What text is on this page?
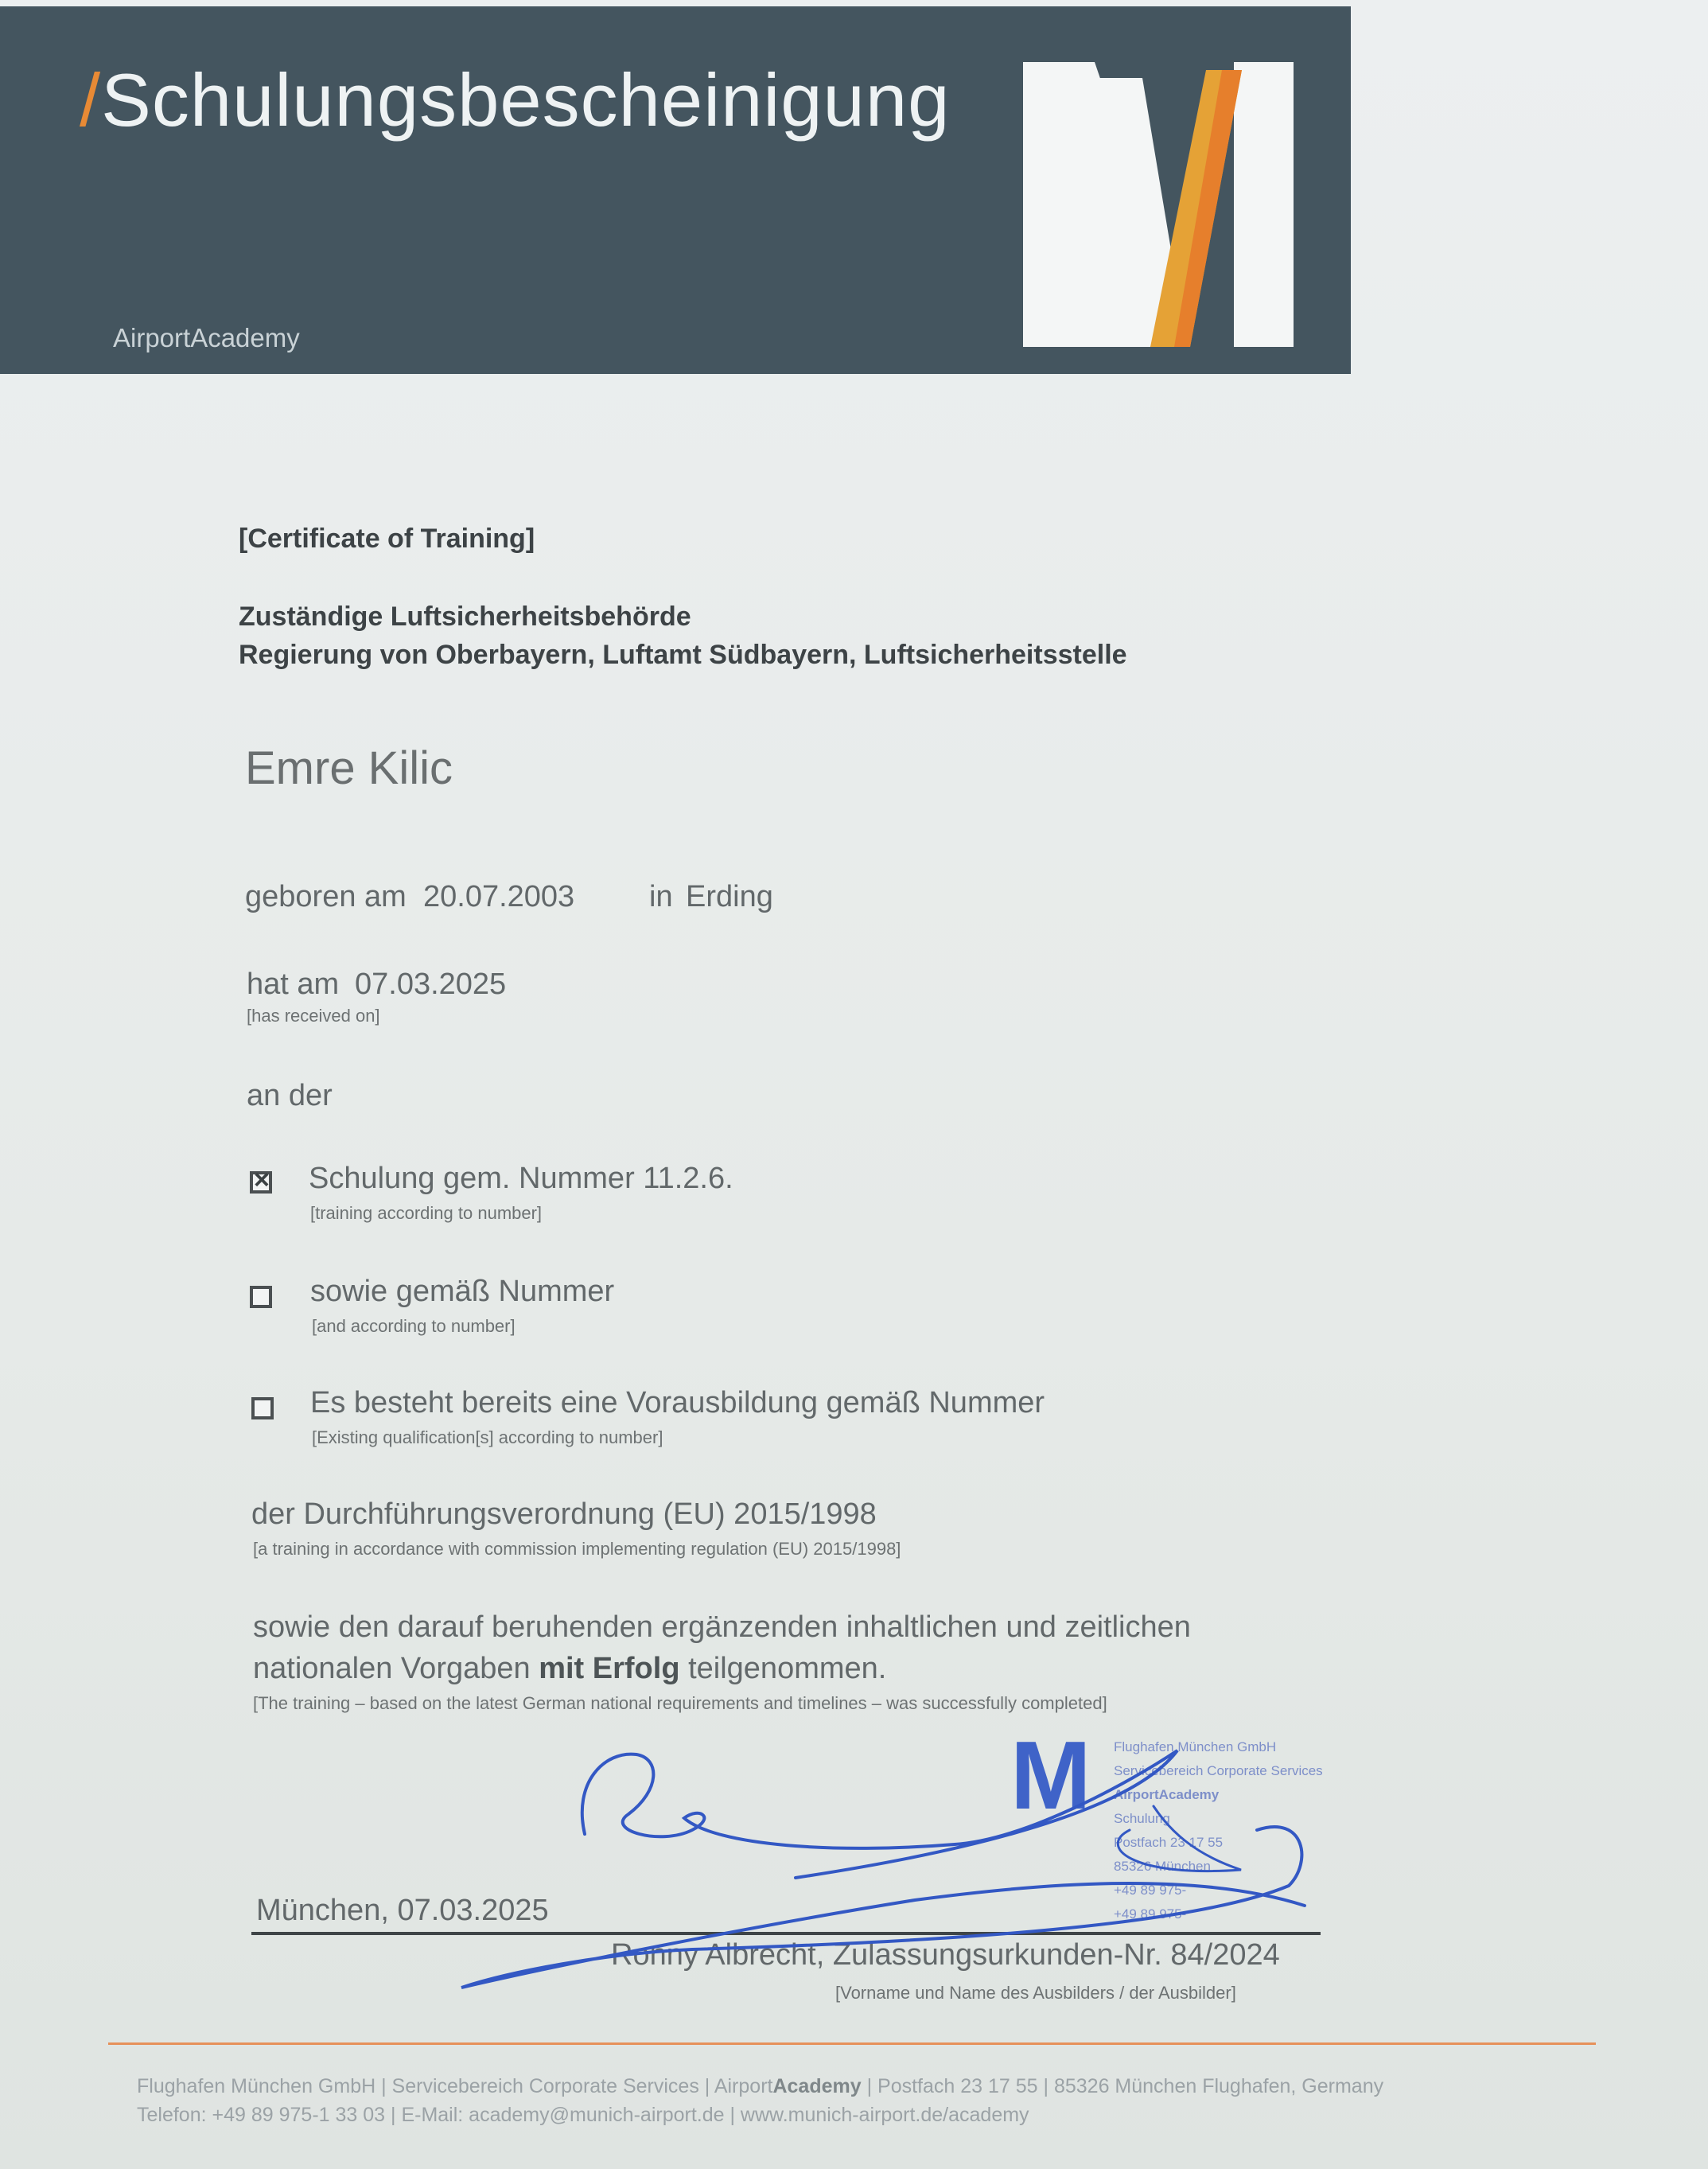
/Schulungsbescheinigung
AirportAcademy
[Certificate of Training]
Zuständige Luftsicherheitsbehörde
Regierung von Oberbayern, Luftamt Südbayern, Luftsicherheitsstelle
Emre Kilic
geboren am 20.07.2003 in Erding
hat am 07.03.2025
[has received on]
an der
×
Schulung gem. Nummer 11.2.6.
[training according to number]
sowie gemäß Nummer
[and according to number]
Es besteht bereits eine Vorausbildung gemäß Nummer
[Existing qualification[s] according to number]
der Durchführungsverordnung (EU) 2015/1998
[a training in accordance with commission implementing regulation (EU) 2015/1998]
sowie den darauf beruhenden ergänzenden inhaltlichen und zeitlichen
nationalen Vorgaben mit Erfolg teilgenommen.
[The training – based on the latest German national requirements and timelines – was successfully completed]
M Flughafen München GmbH
Servicebereich Corporate Services
AirportAcademy
Schulung
Postfach 23 17 55
85326 München
+49 89 975-
+49 89 975-
München, 07.03.2025
Ronny Albrecht, Zulassungsurkunden-Nr. 84/2024
[Vorname und Name des Ausbilders / der Ausbilder]
Flughafen München GmbH | Servicebereich Corporate Services | AirportAcademy | Postfach 23 17 55 | 85326 München Flughafen, Germany
Telefon: +49 89 975-1 33 03 | E-Mail: academy@munich-airport.de | www.munich-airport.de/academy
